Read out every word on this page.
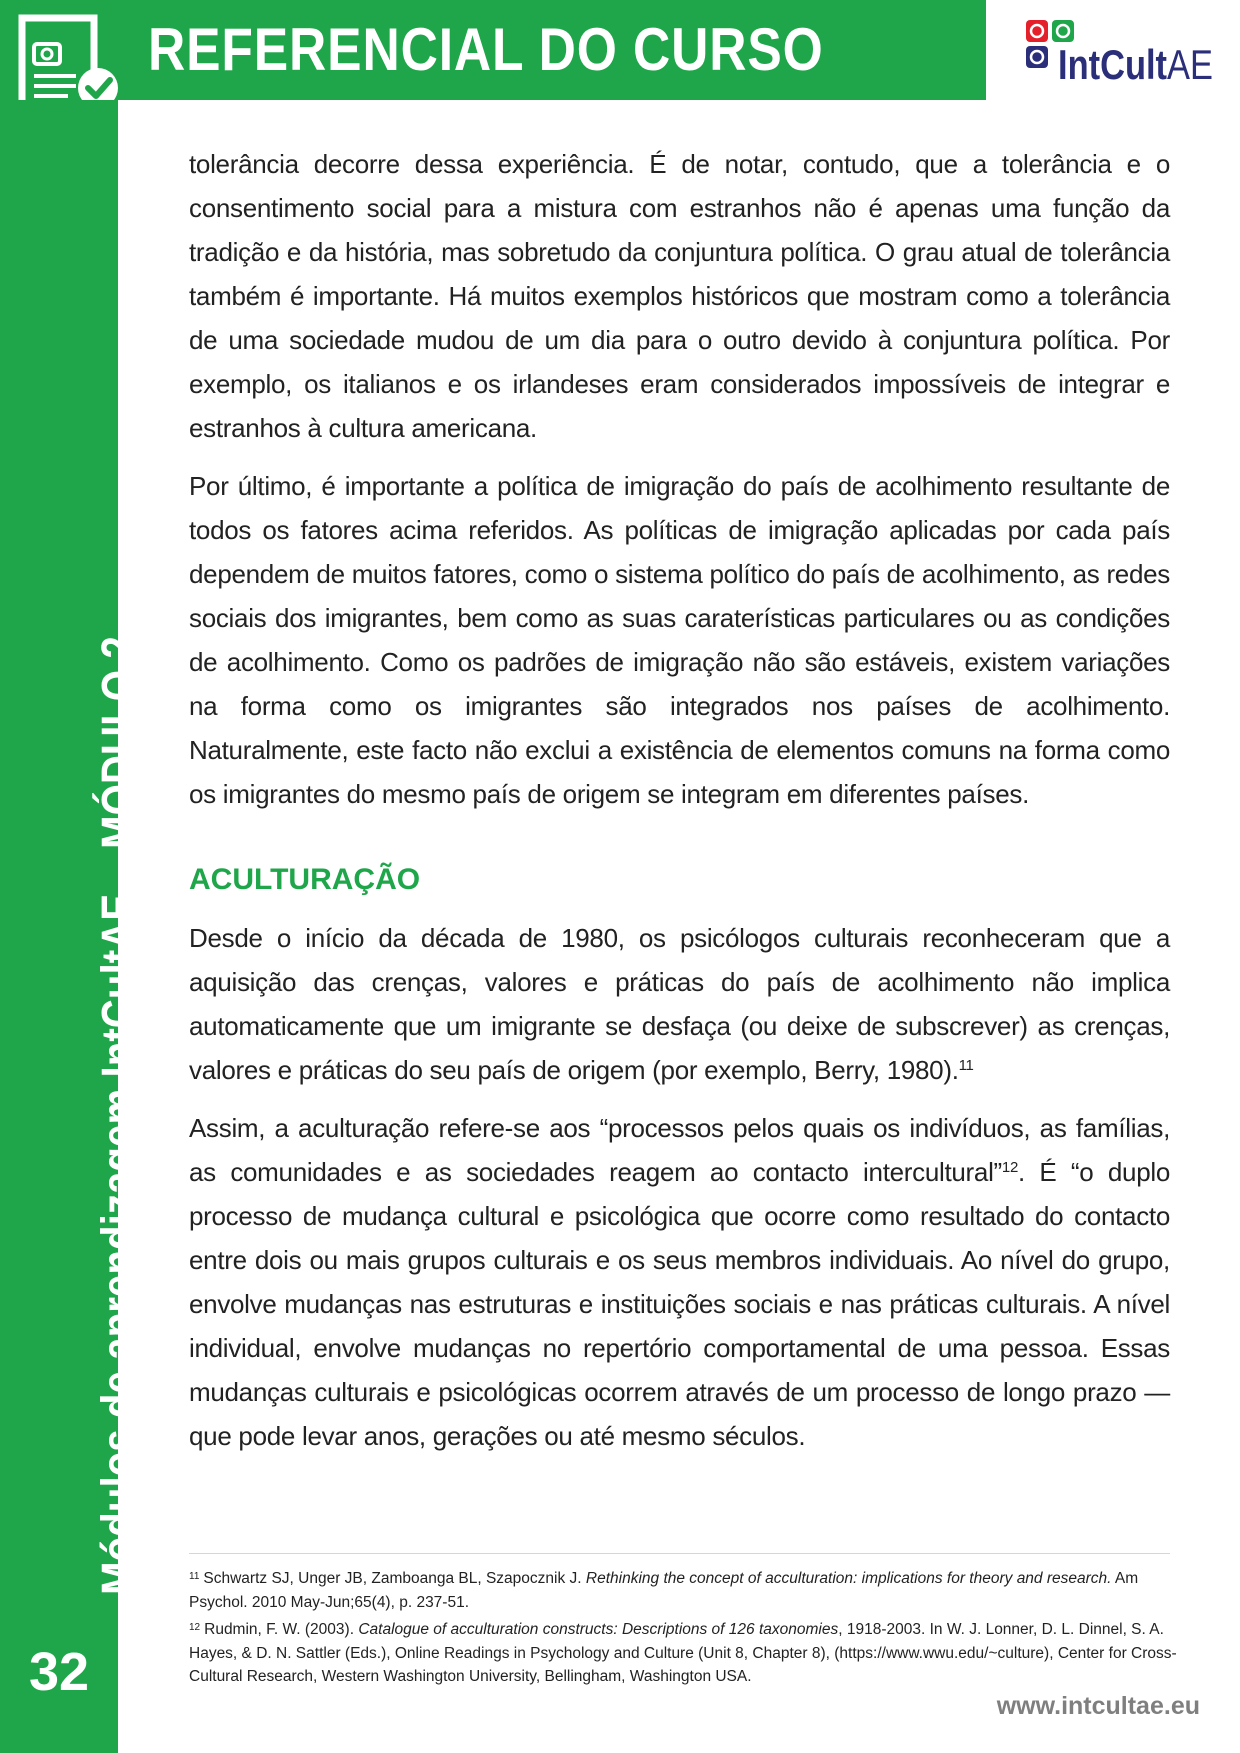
REFERENCIAL DO CURSO	IntCultAE
Módulos de aprendizagem IntCultAE – MÓDULO 2
32

tolerância decorre dessa experiência. É de notar, contudo, que a tolerância e o consentimento social para a mistura com estranhos não é apenas uma função da tradição e da história, mas sobretudo da conjuntura política. O grau atual de tolerância também é importante. Há muitos exemplos históricos que mostram como a tolerância de uma sociedade mudou de um dia para o outro devido à conjuntura política. Por exemplo, os italianos e os irlandeses eram considerados impossíveis de integrar e estranhos à cultura americana.

Por último, é importante a política de imigração do país de acolhimento resultante de todos os fatores acima referidos. As políticas de imigração aplicadas por cada país dependem de muitos fatores, como o sistema político do país de acolhimento, as redes sociais dos imigrantes, bem como as suas caraterísticas particulares ou as condições de acolhimento. Como os padrões de imigração não são estáveis, existem variações na forma como os imigrantes são integrados nos países de acolhimento. Naturalmente, este facto não exclui a existência de elementos comuns na forma como os imigrantes do mesmo país de origem se integram em diferentes países.

ACULTURAÇÃO

Desde o início da década de 1980, os psicólogos culturais reconheceram que a aquisição das crenças, valores e práticas do país de acolhimento não implica automaticamente que um imigrante se desfaça (ou deixe de subscrever) as crenças, valores e práticas do seu país de origem (por exemplo, Berry, 1980).$^{11}$

Assim, a aculturação refere-se aos “processos pelos quais os indivíduos, as famílias, as comunidades e as sociedades reagem ao contacto intercultural”$^{12}$. É “o duplo processo de mudança cultural e psicológica que ocorre como resultado do contacto entre dois ou mais grupos culturais e os seus membros individuais. Ao nível do grupo, envolve mudanças nas estruturas e instituições sociais e nas práticas culturais. A nível individual, envolve mudanças no repertório comportamental de uma pessoa. Essas mudanças culturais e psicológicas ocorrem através de um processo de longo prazo — que pode levar anos, gerações ou até mesmo séculos.

$^{11}$ Schwartz SJ, Unger JB, Zamboanga BL, Szapocznik J. Rethinking the concept of acculturation: implications for theory and research. Am Psychol. 2010 May-Jun;65(4), p. 237-51.

$^{12}$ Rudmin, F. W. (2003). Catalogue of acculturation constructs: Descriptions of 126 taxonomies, 1918-2003. In W. J. Lonner, D. L. Dinnel, S. A. Hayes, & D. N. Sattler (Eds.), Online Readings in Psychology and Culture (Unit 8, Chapter 8), (https://www.wwu.edu/~culture), Center for Cross-Cultural Research, Western Washington University, Bellingham, Washington USA.

www.intcultae.eu
